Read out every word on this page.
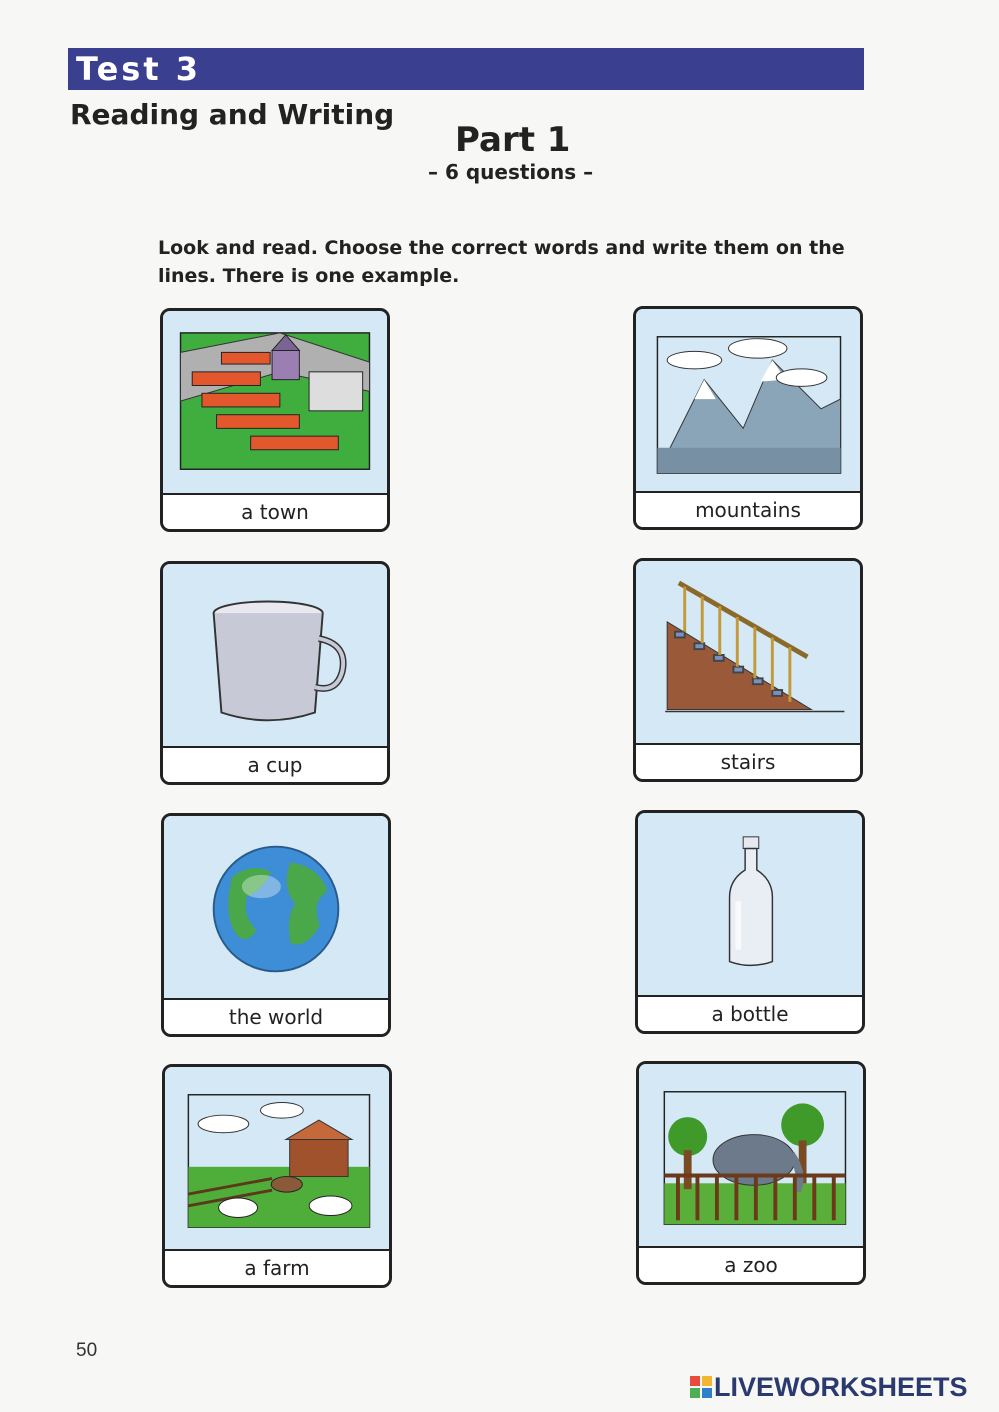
Test 3
Reading and Writing
Part 1
– 6 questions –
Look and read. Choose the correct words and write them on the lines. There is one example.
a town	mountains
a cup	stairs
the world	a bottle
a farm	a zoo
50
LIVEWORKSHEETS
